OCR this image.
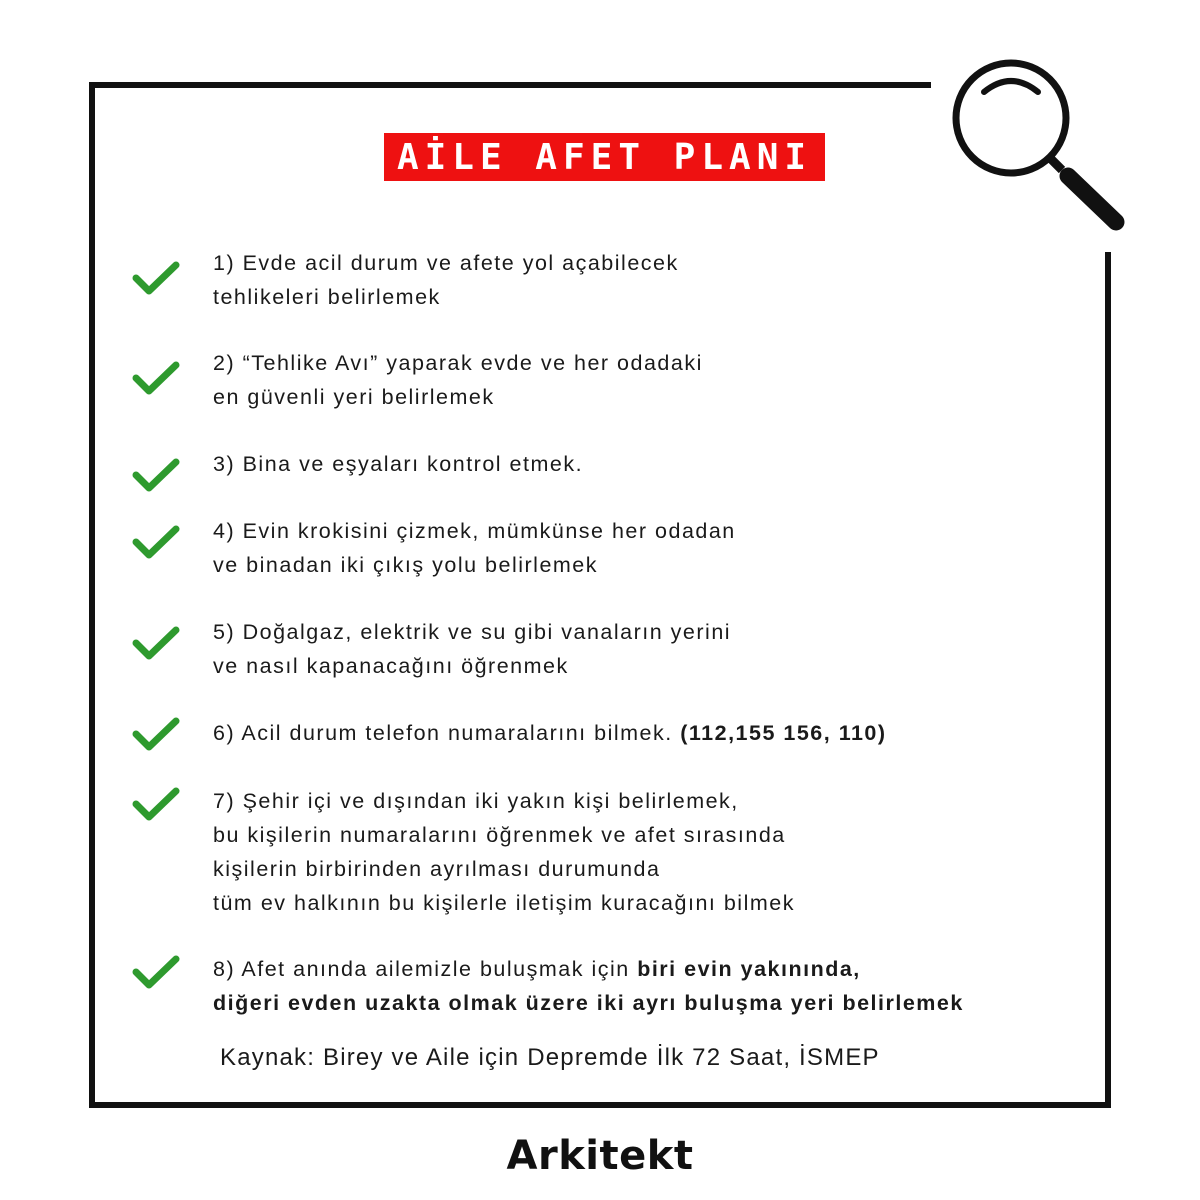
AİLE AFET PLANI
1) Evde acil durum ve afete yol açabilecek
tehlikeleri belirlemek
2) “Tehlike Avı” yaparak evde ve her odadaki
en güvenli yeri belirlemek
3) Bina ve eşyaları kontrol etmek.
4) Evin krokisini çizmek, mümkünse her odadan
ve binadan iki çıkış yolu belirlemek
5) Doğalgaz, elektrik ve su gibi vanaların yerini
ve nasıl kapanacağını öğrenmek
6) Acil durum telefon numaralarını bilmek. (112,155 156, 110)
7) Şehir içi ve dışından iki yakın kişi belirlemek,
bu kişilerin numaralarını öğrenmek ve afet sırasında
kişilerin birbirinden ayrılması durumunda
tüm ev halkının bu kişilerle iletişim kuracağını bilmek
8) Afet anında ailemizle buluşmak için biri evin yakınında,
diğeri evden uzakta olmak üzere iki ayrı buluşma yeri belirlemek
Kaynak: Birey ve Aile için Depremde İlk 72 Saat, İSMEP
Arkitekt
